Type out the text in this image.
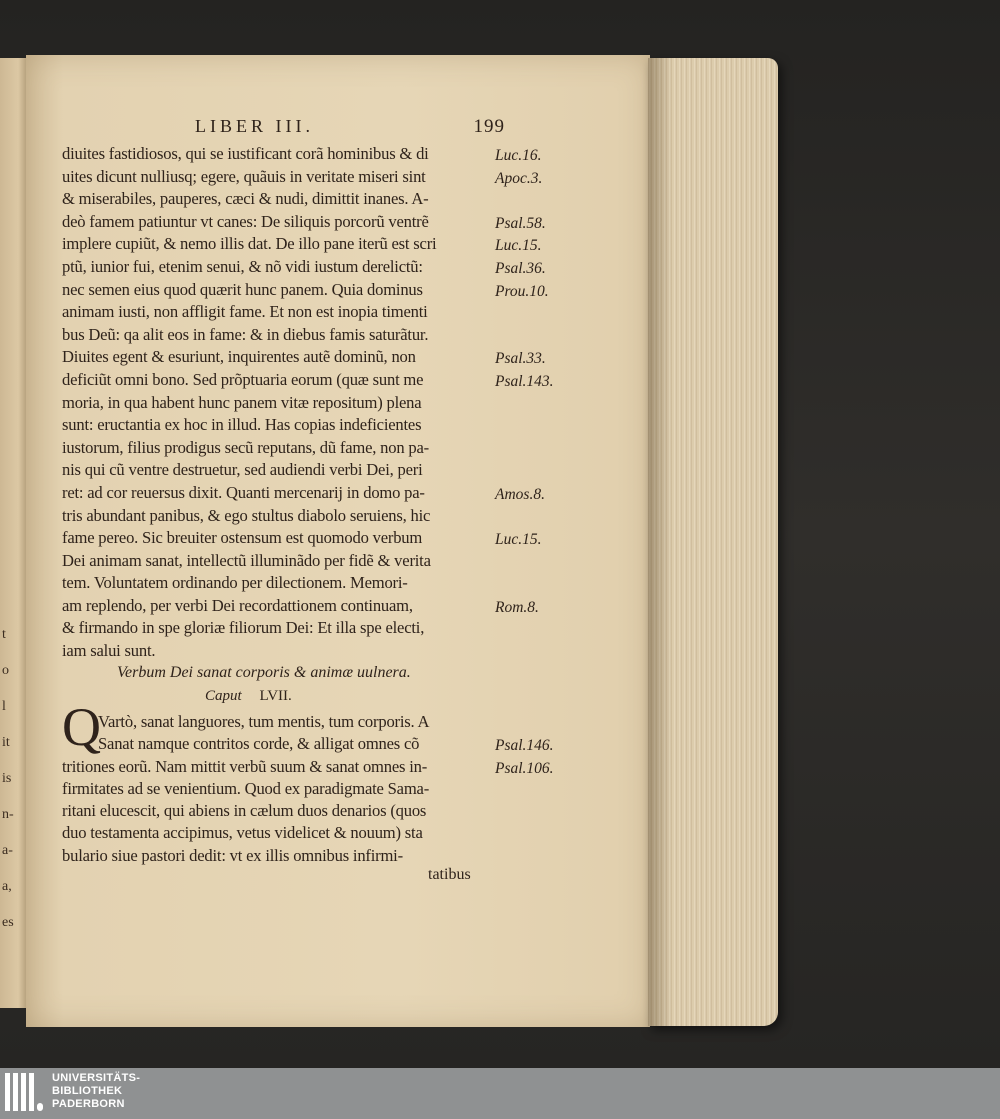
t
o
l
it
is
n-
a-
a,
es
LIBER III.	199
diuites fastidiosos, qui se iustificant corã hominibus & di
uites dicunt nulliusq; egere, quãuis in veritate miseri sint
& miserabiles, pauperes, cæci & nudi, dimittit inanes. A-
deò famem patiuntur vt canes: De siliquis porcorũ ventrẽ
implere cupiũt, & nemo illis dat. De illo pane iterũ est scri
ptũ, iunior fui, etenim senui, & nõ vidi iustum derelictũ:
nec semen eius quod quærit hunc panem. Quia dominus
animam iusti, non affligit fame. Et non est inopia timenti
bus Deũ: qa alit eos in fame: & in diebus famis saturãtur.
Diuites egent & esuriunt, inquirentes autẽ dominũ, non
deficiũt omni bono. Sed prõptuaria eorum (quæ sunt me
moria, in qua habent hunc panem vitæ repositum) plena
sunt: eructantia ex hoc in illud. Has copias indeficientes
iustorum, filius prodigus secũ reputans, dũ fame, non pa-
nis qui cũ ventre destruetur, sed audiendi verbi Dei, peri
ret: ad cor reuersus dixit. Quanti mercenarij in domo pa-
tris abundant panibus, & ego stultus diabolo seruiens, hic
fame pereo. Sic breuiter ostensum est quomodo verbum
Dei animam sanat, intellectũ illuminãdo per fidẽ & verita
tem. Voluntatem ordinando per dilectionem. Memori-
am replendo, per verbi Dei recordattionem continuam,
& firmando in spe gloriæ filiorum Dei: Et illa spe electi,
iam salui sunt.
Luc.16.
Apoc.3.
Psal.58.
Luc.15.
Psal.36.
Prou.10.
Psal.33.
Psal.143.
Amos.8.
Luc.15.
Rom.8.
Psal.146.
Psal.106.
Verbum Dei sanat corporis & animæ uulnera.
Caput LVII.
Q
Vartò, sanat languores, tum mentis, tum corporis. A
Sanat namque contritos corde, & alligat omnes cõ
tritiones eorũ. Nam mittit verbũ suum & sanat omnes in-
firmitates ad se venientium. Quod ex paradigmate Sama-
ritani elucescit, qui abiens in cælum duos denarios (quos
duo testamenta accipimus, vetus videlicet & nouum) sta
bulario siue pastori dedit: vt ex illis omnibus infirmi-
tatibus
UNIVERSITÄTS-
BIBLIOTHEK
PADERBORN
